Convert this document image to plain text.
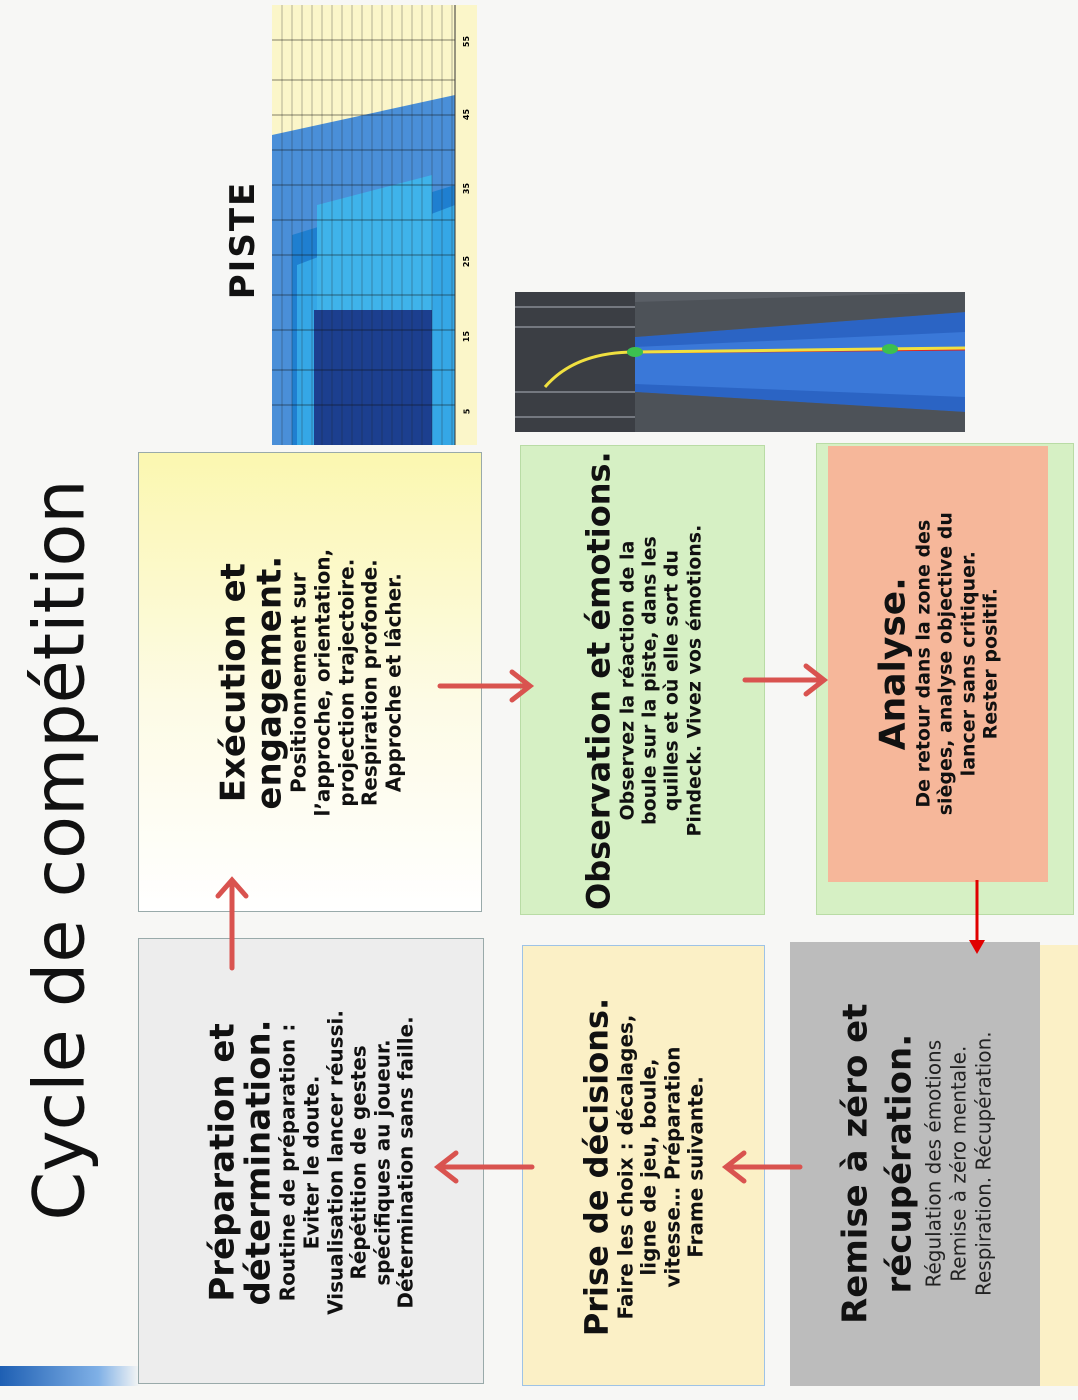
Cycle de compétition
PISTE
55
45
35
25
15
5
Préparation et détermination.
Routine de préparation : Eviter le doute. Visualisation lancer réussi. Répétition de gestes spécifiques au joueur. Détermination sans faille.
Exécution et engagement.
Positionnement sur l’approche, orientation, projection trajectoire. Respiration profonde. Approche et lâcher.	Observation et émotions.
Observez la réaction de la boule sur la piste, dans les quilles et où elle sort du Pindeck. Vivez vos émotions.	Analyse.
De retour dans la zone des sièges, analyse objective du lancer sans critiquer. Rester positif.
Remise à zéro et récupération. Régulation des émotions Remise à zéro mentale. Respiration. Récupération.
Prise de décisions.
Faire les choix : décalages, ligne de jeu, boule, vitesse… Préparation Frame suivante.
